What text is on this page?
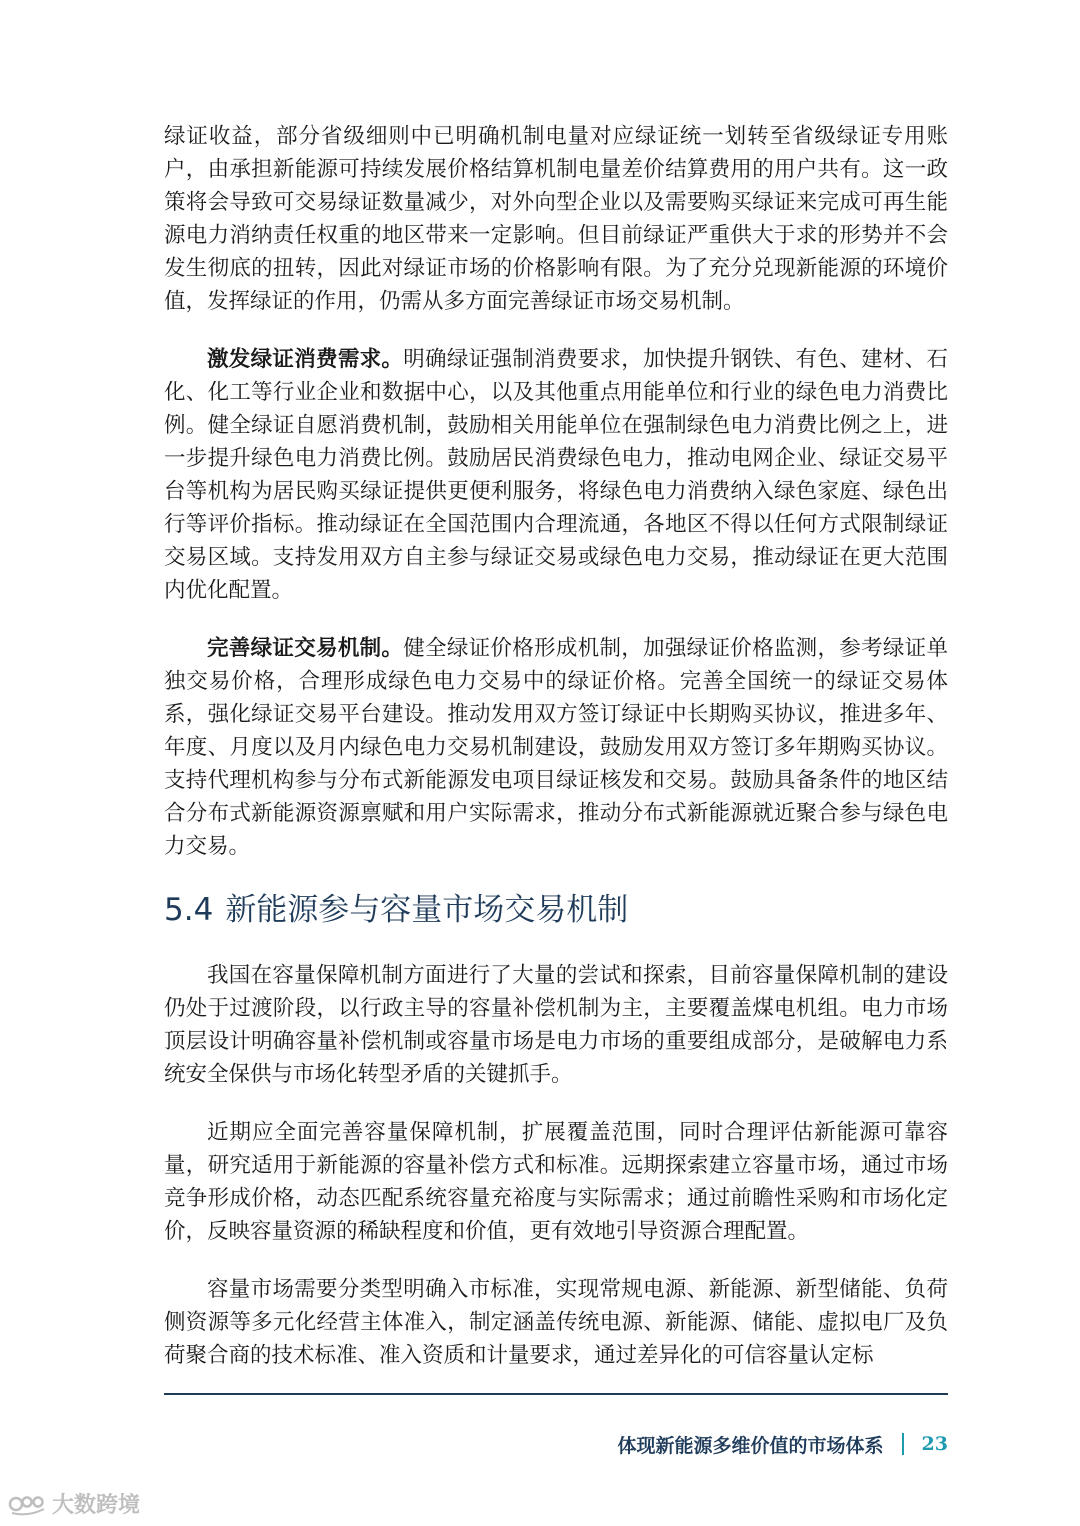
绿证收益，部分省级细则中已明确机制电量对应绿证统一划转至省级绿证专用账户，由承担新能源可持续发展价格结算机制电量差价结算费用的用户共有。这一政策将会导致可交易绿证数量减少，对外向型企业以及需要购买绿证来完成可再生能源电力消纳责任权重的地区带来一定影响。但目前绿证严重供大于求的形势并不会发生彻底的扭转，因此对绿证市场的价格影响有限。为了充分兑现新能源的环境价值，发挥绿证的作用，仍需从多方面完善绿证市场交易机制。

激发绿证消费需求。明确绿证强制消费要求，加快提升钢铁、有色、建材、石化、化工等行业企业和数据中心，以及其他重点用能单位和行业的绿色电力消费比例。健全绿证自愿消费机制，鼓励相关用能单位在强制绿色电力消费比例之上，进一步提升绿色电力消费比例。鼓励居民消费绿色电力，推动电网企业、绿证交易平台等机构为居民购买绿证提供更便利服务，将绿色电力消费纳入绿色家庭、绿色出行等评价指标。推动绿证在全国范围内合理流通，各地区不得以任何方式限制绿证交易区域。支持发用双方自主参与绿证交易或绿色电力交易，推动绿证在更大范围内优化配置。

完善绿证交易机制。健全绿证价格形成机制，加强绿证价格监测，参考绿证单独交易价格，合理形成绿色电力交易中的绿证价格。完善全国统一的绿证交易体系，强化绿证交易平台建设。推动发用双方签订绿证中长期购买协议，推进多年、年度、月度以及月内绿色电力交易机制建设，鼓励发用双方签订多年期购买协议。支持代理机构参与分布式新能源发电项目绿证核发和交易。鼓励具备条件的地区结合分布式新能源资源禀赋和用户实际需求，推动分布式新能源就近聚合参与绿色电力交易。

5.4 新能源参与容量市场交易机制

我国在容量保障机制方面进行了大量的尝试和探索，目前容量保障机制的建设仍处于过渡阶段，以行政主导的容量补偿机制为主，主要覆盖煤电机组。电力市场顶层设计明确容量补偿机制或容量市场是电力市场的重要组成部分，是破解电力系统安全保供与市场化转型矛盾的关键抓手。

近期应全面完善容量保障机制，扩展覆盖范围，同时合理评估新能源可靠容量，研究适用于新能源的容量补偿方式和标准。远期探索建立容量市场，通过市场竞争形成价格，动态匹配系统容量充裕度与实际需求；通过前瞻性采购和市场化定价，反映容量资源的稀缺程度和价值，更有效地引导资源合理配置。

容量市场需要分类型明确入市标准，实现常规电源、新能源、新型储能、负荷侧资源等多元化经营主体准入，制定涵盖传统电源、新能源、储能、虚拟电厂及负荷聚合商的技术标准、准入资质和计量要求，通过差异化的可信容量认定标

体现新能源多维价值的市场体系 23
大数跨境
